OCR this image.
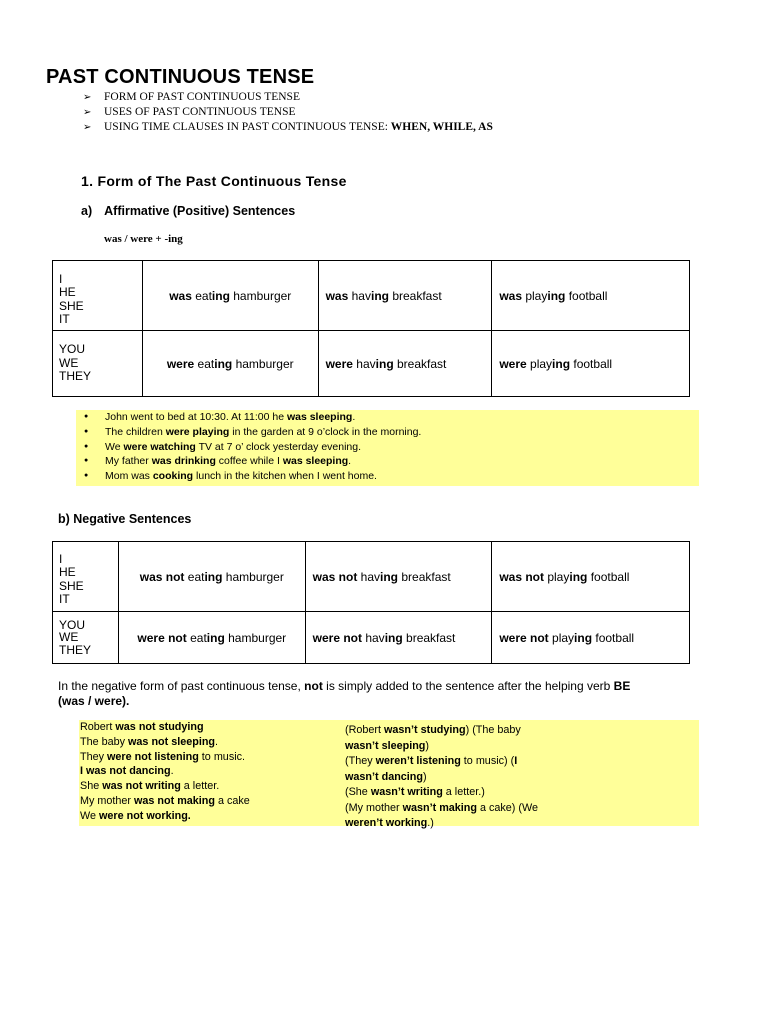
PAST CONTINUOUS TENSE
➢	FORM OF PAST CONTINUOUS TENSE
➢	USES OF PAST CONTINUOUS TENSE
➢	USING TIME CLAUSES IN PAST CONTINUOUS TENSE:
WHEN, WHILE, AS
1. Form of The Past Continuous Tense
a) Affirmative (Positive) Sentences
was / were + -ing
I
HE
SHE
IT	was eating hamburger	was having breakfast	was playing football

YOU
WE
THEY	were eating hamburger	were having breakfast	were playing football
● John went to bed at 10:30. At 11:00 he was sleeping.
● The children were playing in the garden at 9 o’clock in the morning.
● We were watching TV at 7 o’ clock yesterday evening.
● My father was drinking coffee while I was sleeping.
● Mom was cooking lunch in the kitchen when I went home.
b) Negative Sentences
I
HE
SHE
IT	was not eating hamburger	was not having breakfast	was not playing football

YOU
WE
THEY	were not eating hamburger	were not having breakfast	were not playing football
In the negative form of past continuous tense, not is simply added to the sentence after the helping verb BE
(was / were).
Robert was not studying
The baby was not sleeping.
They were not listening to music.
I was not dancing.
She was not writing a letter.
My mother was not making a cake
We were not working.
(Robert wasn’t studying) (The baby
wasn’t sleeping)
(They weren’t listening to music) (I
wasn’t dancing)
(She wasn’t writing a letter.)
(My mother wasn’t making a cake) (We
weren’t working.)
